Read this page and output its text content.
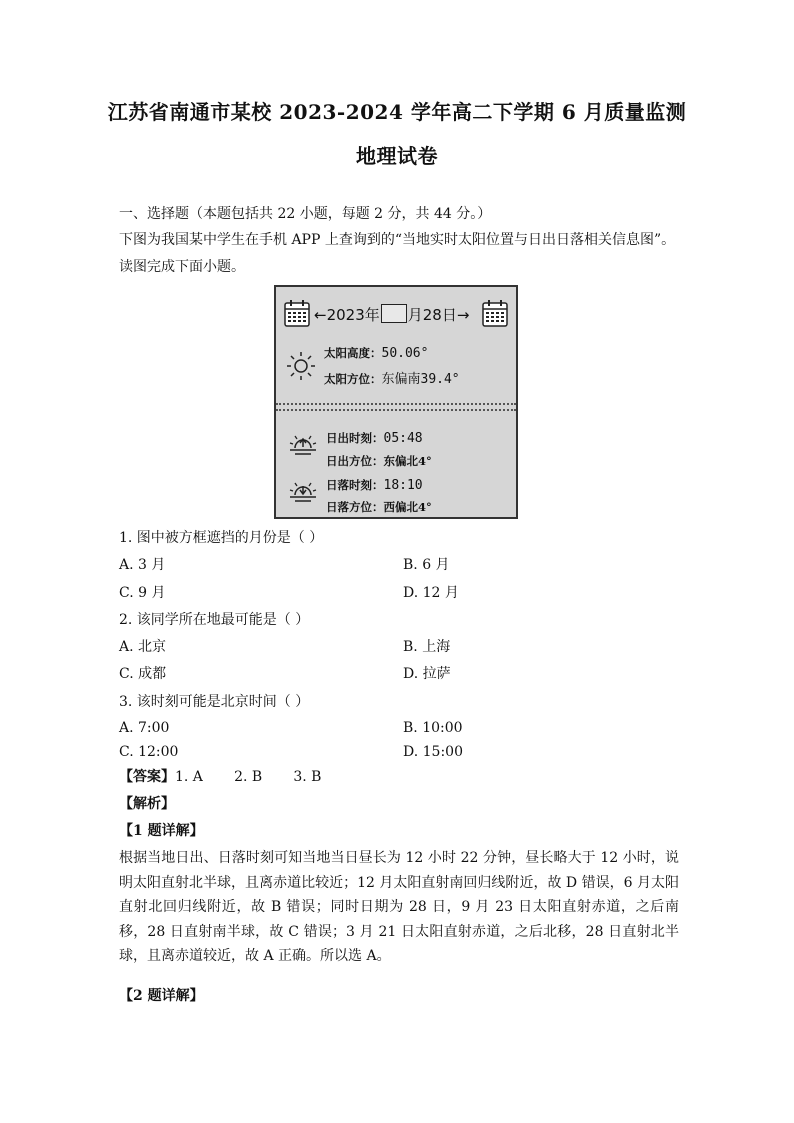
江苏省南通市某校 2023-2024 学年高二下学期 6 月质量监测
地理试卷
一、选择题（本题包括共 22 小题，每题 2 分，共 44 分。）
下图为我国某中学生在手机 APP 上查询到的“当地实时太阳位置与日出日落相关信息图”。
读图完成下面小题。
←2023年 月28日→
太阳高度：50.06°
太阳方位：东偏南39.4°
日出时刻：05:48
日出方位：东偏北4°
日落时刻：18:10
日落方位：西偏北4°
1. 图中被方框遮挡的月份是（ ）
A. 3 月	B. 6 月
C. 9 月	D. 12 月
2. 该同学所在地最可能是（ ）
A. 北京	B. 上海
C. 成都	D. 拉萨
3. 该时刻可能是北京时间（ ）
A. 7:00	B. 10:00
C. 12:00	D. 15:00
【答案】1. A       2. B       3. B
【解析】
【1 题详解】
根据当地日出、日落时刻可知当地当日昼长为 12 小时 22 分钟，昼长略大于 12 小时，说明太阳直射北半球，且离赤道比较近；12 月太阳直射南回归线附近，故 D 错误，6 月太阳直射北回归线附近，故 B 错误；同时日期为 28 日，9 月 23 日太阳直射赤道，之后南移，28 日直射南半球，故 C 错误；3 月 21 日太阳直射赤道，之后北移，28 日直射北半球，且离赤道较近，故 A 正确。所以选 A。
【2 题详解】
